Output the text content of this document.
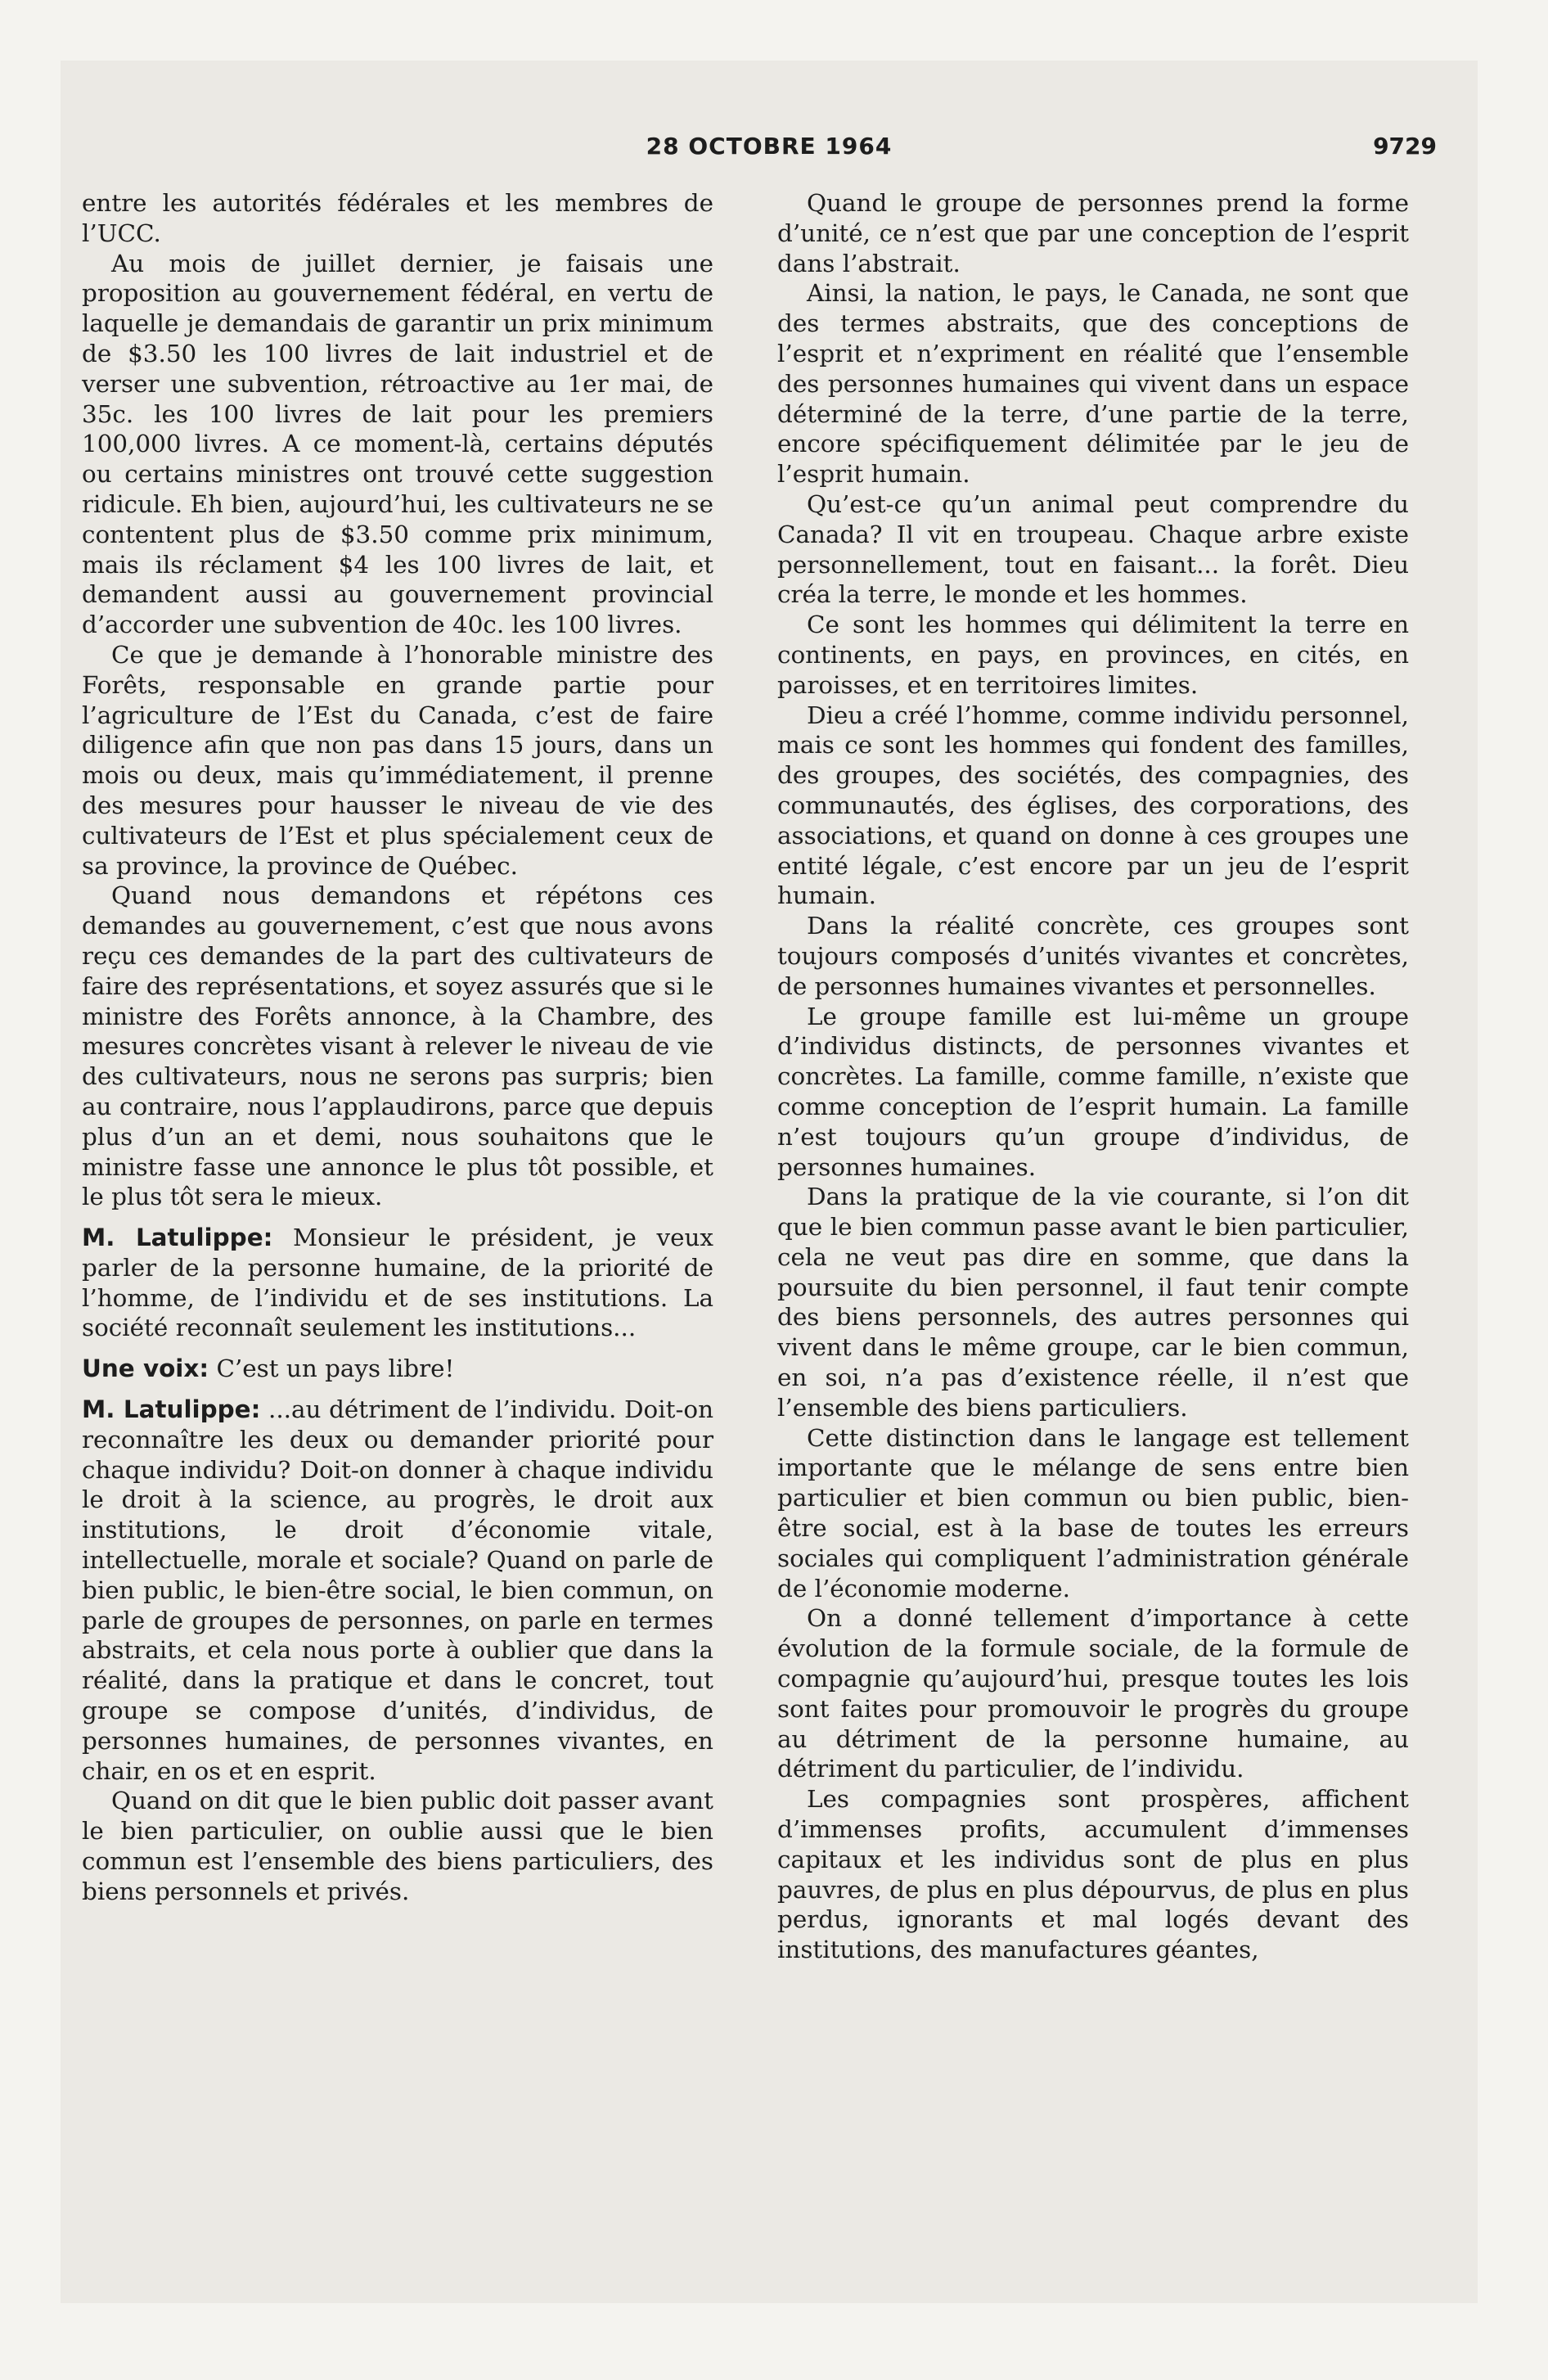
28 OCTOBRE 1964	9729

entre les autorités fédérales et les membres de l’UCC.

Au mois de juillet dernier, je faisais une proposition au gouvernement fédéral, en vertu de laquelle je demandais de garantir un prix minimum de $3.50 les 100 livres de lait industriel et de verser une subvention, rétroactive au 1er mai, de 35c. les 100 livres de lait pour les premiers 100,000 livres. A ce moment-là, certains députés ou certains ministres ont trouvé cette suggestion ridicule. Eh bien, aujourd’hui, les cultivateurs ne se contentent plus de $3.50 comme prix minimum, mais ils réclament $4 les 100 livres de lait, et demandent aussi au gouvernement provincial d’accorder une subvention de 40c. les 100 livres.

Ce que je demande à l’honorable ministre des Forêts, responsable en grande partie pour l’agriculture de l’Est du Canada, c’est de faire diligence afin que non pas dans 15 jours, dans un mois ou deux, mais qu’immédiatement, il prenne des mesures pour hausser le niveau de vie des cultivateurs de l’Est et plus spécialement ceux de sa province, la province de Québec.

Quand nous demandons et répétons ces demandes au gouvernement, c’est que nous avons reçu ces demandes de la part des cultivateurs de faire des représentations, et soyez assurés que si le ministre des Forêts annonce, à la Chambre, des mesures concrètes visant à relever le niveau de vie des cultivateurs, nous ne serons pas surpris; bien au contraire, nous l’applaudirons, parce que depuis plus d’un an et demi, nous souhaitons que le ministre fasse une annonce le plus tôt possible, et le plus tôt sera le mieux.

M. Latulippe: Monsieur le président, je veux parler de la personne humaine, de la priorité de l’homme, de l’individu et de ses institutions. La société reconnaît seulement les institutions...

Une voix: C’est un pays libre!

M. Latulippe: ...au détriment de l’individu. Doit-on reconnaître les deux ou demander priorité pour chaque individu? Doit-on donner à chaque individu le droit à la science, au progrès, le droit aux institutions, le droit d’économie vitale, intellectuelle, morale et sociale? Quand on parle de bien public, le bien-être social, le bien commun, on parle de groupes de personnes, on parle en termes abstraits, et cela nous porte à oublier que dans la réalité, dans la pratique et dans le concret, tout groupe se compose d’unités, d’individus, de personnes humaines, de personnes vivantes, en chair, en os et en esprit.

Quand on dit que le bien public doit passer avant le bien particulier, on oublie aussi que le bien commun est l’ensemble des biens particuliers, des biens personnels et privés.

Quand le groupe de personnes prend la forme d’unité, ce n’est que par une conception de l’esprit dans l’abstrait.

Ainsi, la nation, le pays, le Canada, ne sont que des termes abstraits, que des conceptions de l’esprit et n’expriment en réalité que l’ensemble des personnes humaines qui vivent dans un espace déterminé de la terre, d’une partie de la terre, encore spécifiquement délimitée par le jeu de l’esprit humain.

Qu’est-ce qu’un animal peut comprendre du Canada? Il vit en troupeau. Chaque arbre existe personnellement, tout en faisant... la forêt. Dieu créa la terre, le monde et les hommes.

Ce sont les hommes qui délimitent la terre en continents, en pays, en provinces, en cités, en paroisses, et en territoires limites.

Dieu a créé l’homme, comme individu personnel, mais ce sont les hommes qui fondent des familles, des groupes, des sociétés, des compagnies, des communautés, des églises, des corporations, des associations, et quand on donne à ces groupes une entité légale, c’est encore par un jeu de l’esprit humain.

Dans la réalité concrète, ces groupes sont toujours composés d’unités vivantes et concrètes, de personnes humaines vivantes et personnelles.

Le groupe famille est lui-même un groupe d’individus distincts, de personnes vivantes et concrètes. La famille, comme famille, n’existe que comme conception de l’esprit humain. La famille n’est toujours qu’un groupe d’individus, de personnes humaines.

Dans la pratique de la vie courante, si l’on dit que le bien commun passe avant le bien particulier, cela ne veut pas dire en somme, que dans la poursuite du bien personnel, il faut tenir compte des biens personnels, des autres personnes qui vivent dans le même groupe, car le bien commun, en soi, n’a pas d’existence réelle, il n’est que l’ensemble des biens particuliers.

Cette distinction dans le langage est tellement importante que le mélange de sens entre bien particulier et bien commun ou bien public, bien-être social, est à la base de toutes les erreurs sociales qui compliquent l’administration générale de l’économie moderne.

On a donné tellement d’importance à cette évolution de la formule sociale, de la formule de compagnie qu’aujourd’hui, presque toutes les lois sont faites pour promouvoir le progrès du groupe au détriment de la personne humaine, au détriment du particulier, de l’individu.

Les compagnies sont prospères, affichent d’immenses profits, accumulent d’immenses capitaux et les individus sont de plus en plus pauvres, de plus en plus dépourvus, de plus en plus perdus, ignorants et mal logés devant des institutions, des manufactures géantes,
